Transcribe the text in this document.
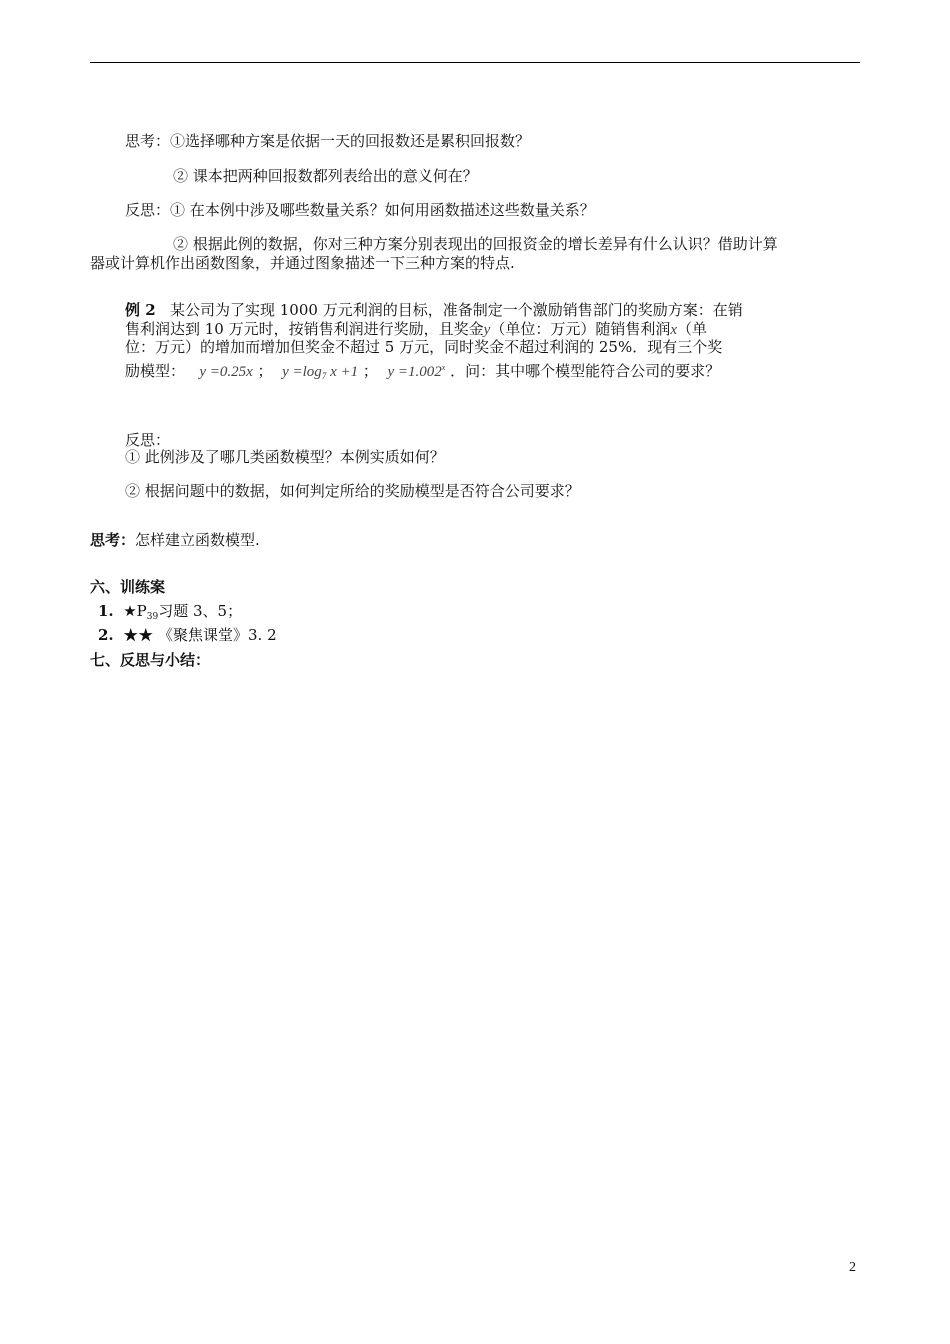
思考：①选择哪种方案是依据一天的回报数还是累积回报数？
② 课本把两种回报数都列表给出的意义何在？
反思：① 在本例中涉及哪些数量关系？如何用函数描述这些数量关系？
② 根据此例的数据，你对三种方案分别表现出的回报资金的增长差异有什么认识？借助计算
器或计算机作出函数图象，并通过图象描述一下三种方案的特点.
例 2 某公司为了实现 1000 万元利润的目标，准备制定一个激励销售部门的奖励方案：在销
售利润达到 10 万元时，按销售利润进行奖励，且奖金y（单位：万元）随销售利润x（单
位：万元）的增加而增加但奖金不超过 5 万元，同时奖金不超过利润的 25%．现有三个奖
励模型： y =0.25x ； $y =\log_7$ x +1 ； $y =1.002^x$ ．问：其中哪个模型能符合公司的要求？
反思：
① 此例涉及了哪几类函数模型？本例实质如何？
② 根据问题中的数据，如何判定所给的奖励模型是否符合公司要求？
思考：怎样建立函数模型.
六、训练案
1. $★P_{39}$习题 3、5；
2. ★★ 《聚焦课堂》3. 2
七、反思与小结：
2
